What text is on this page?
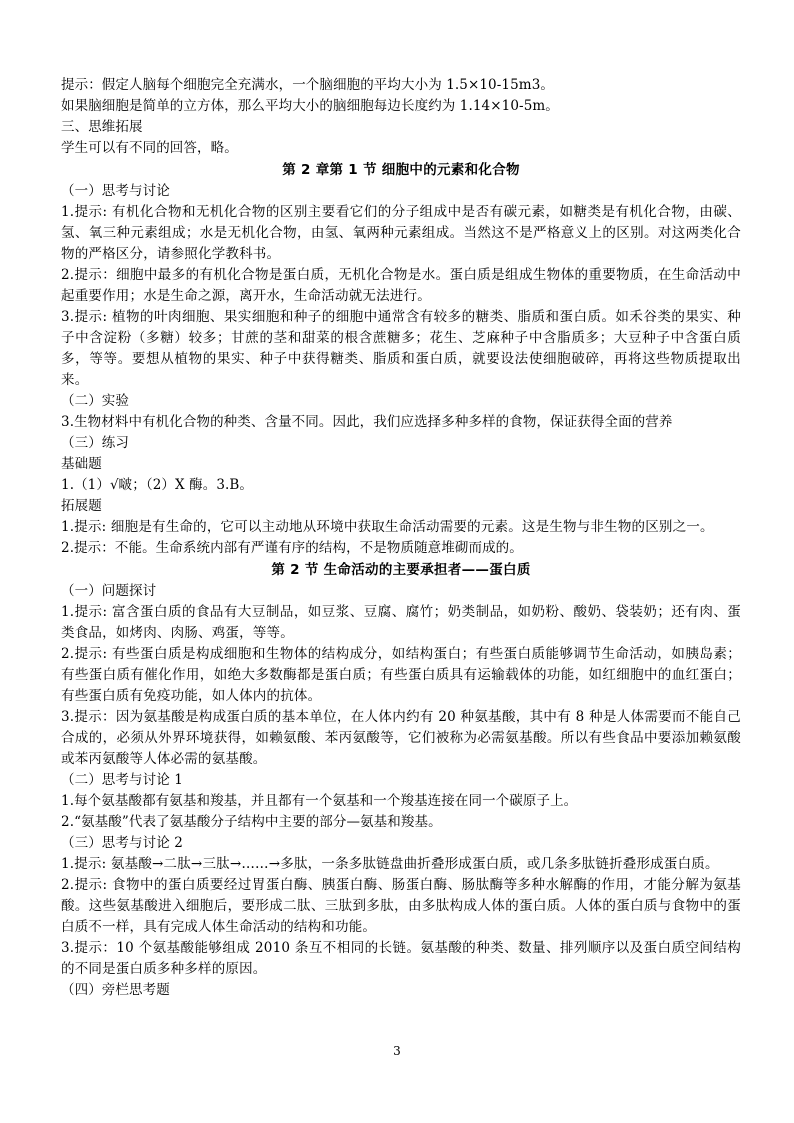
提示：假定人脑每个细胞完全充满水，一个脑细胞的平均大小为 1.5×10-15m3。
如果脑细胞是简单的立方体，那么平均大小的脑细胞每边长度约为 1.14×10-5m。
三、思维拓展
学生可以有不同的回答，略。
第 2 章第 1 节 细胞中的元素和化合物
（一）思考与讨论
1.提示: 有机化合物和无机化合物的区别主要看它们的分子组成中是否有碳元素，如糖类是有机化合物，由碳、氢、氧三种元素组成；水是无机化合物，由氢、氧两种元素组成。当然这不是严格意义上的区别。对这两类化合物的严格区分，请参照化学教科书。
2.提示：细胞中最多的有机化合物是蛋白质，无机化合物是水。蛋白质是组成生物体的重要物质，在生命活动中起重要作用；水是生命之源，离开水，生命活动就无法进行。
3.提示: 植物的叶肉细胞、果实细胞和种子的细胞中通常含有较多的糖类、脂质和蛋白质。如禾谷类的果实、种子中含淀粉（多糖）较多；甘蔗的茎和甜菜的根含蔗糖多；花生、芝麻种子中含脂质多；大豆种子中含蛋白质多，等等。要想从植物的果实、种子中获得糖类、脂质和蛋白质，就要设法使细胞破碎，再将这些物质提取出来。
（二）实验
3.生物材料中有机化合物的种类、含量不同。因此，我们应选择多种多样的食物，保证获得全面的营养
（三）练习
基础题
1.（1）√啵；（2）X 酶。3.B。
拓展题
1.提示: 细胞是有生命的，它可以主动地从环境中获取生命活动需要的元素。这是生物与非生物的区别之一。
2.提示：不能。生命系统内部有严谨有序的结构，不是物质随意堆砌而成的。
第 2 节 生命活动的主要承担者——蛋白质
（一）问题探讨
1.提示: 富含蛋白质的食品有大豆制品，如豆浆、豆腐、腐竹；奶类制品，如奶粉、酸奶、袋装奶；还有肉、蛋类食品，如烤肉、肉肠、鸡蛋，等等。
2.提示: 有些蛋白质是构成细胞和生物体的结构成分，如结构蛋白；有些蛋白质能够调节生命活动，如胰岛素；有些蛋白质有催化作用，如绝大多数酶都是蛋白质；有些蛋白质具有运输载体的功能，如红细胞中的血红蛋白；有些蛋白质有免疫功能，如人体内的抗体。
3.提示：因为氨基酸是构成蛋白质的基本单位，在人体内约有 20 种氨基酸，其中有 8 种是人体需要而不能自己合成的，必须从外界环境获得，如赖氨酸、苯丙氨酸等，它们被称为必需氨基酸。所以有些食品中要添加赖氨酸或苯丙氨酸等人体必需的氨基酸。
（二）思考与讨论 1
1.每个氨基酸都有氨基和羧基，并且都有一个氨基和一个羧基连接在同一个碳原子上。
2.“氨基酸”代表了氨基酸分子结构中主要的部分—氨基和羧基。
（三）思考与讨论 2
1.提示: 氨基酸→二肽→三肽→……→多肽，一条多肽链盘曲折叠形成蛋白质，或几条多肽链折叠形成蛋白质。
2.提示: 食物中的蛋白质要经过胃蛋白酶、胰蛋白酶、肠蛋白酶、肠肽酶等多种水解酶的作用，才能分解为氨基酸。这些氨基酸进入细胞后，要形成二肽、三肽到多肽，由多肽构成人体的蛋白质。人体的蛋白质与食物中的蛋白质不一样，具有完成人体生命活动的结构和功能。
3.提示：10 个氨基酸能够组成 2010 条互不相同的长链。氨基酸的种类、数量、排列顺序以及蛋白质空间结构的不同是蛋白质多种多样的原因。
（四）旁栏思考题
3
